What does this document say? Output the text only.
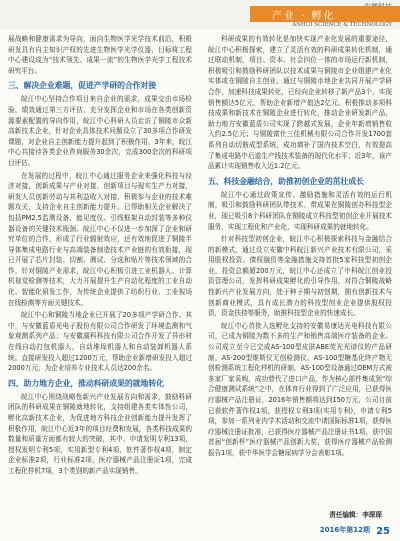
产业 · 孵化
ANHUI SCIENCE & TECHNOLOGY

展战略和健康需求为导向，面向生物医学光学技术前沿，积极研发具有自主知识产权的先进生物医学光学仪器，目标将工程中心建设成为“技术领先、成果一流”的生物医学光学工程技术研究平台。

三、解决企业难题，促进产学研的合作对接

皖江中心坚持合作项目来自企业的需求，成果交由市场检验，绩效通过第三方评估，充分发挥企业和市场在各类创新资源要素配置的导向作用，皖江中心科研人员走访了铜陵市众新高新技术企业，针对企业具体技术问题设立了30多项合作研发课题，对企业自主创新能力提升起到了积极作用，3年来，皖江中心共接待各类企业咨询服务30余次，完成300余次的科研项目评估。

在发展的过程中，皖江中心通过服务企业来强化科技与经济对接，创新成果与产业对接，创新项目与现实生产力对接，研发人员创新劳动与其利益收入对接，积极参与企业的技术难题攻关，支持企业自主创新能力提升。已帮助相关企业解决了包括PM2.5监测设备、能见度仪、引线框架自动封装等多种仪器设备的关键技术瓶颈。皖江中心不仅进一步加深了企业和研究单位的合作，形成了行业辐射效应，还有效地促进了铜陵半导体集成电路行业与高端装备制造技术产业链的有效衔接，现已开展了芯片封装、切割、测试、分选和贴片等技术领域的合作，针对铜陵产业需求，皖江中心积极引进工业机器人、计算机视觉检测等技术，大力开展提升生产自动化程度的工业自动化、智能化研发工作，为传统企业提供了纺织行业、工业视场在线检测等方面关键技术。

皖江中心和铜陵当地企业已开展了20多项产学研合作。其中，与安徽蓝盾光电子股份有限公司合作研发了环境监测和气象观测系列产品；与安徽湖科科技有限公司合作开发了异形材在线自动打包机器人，自动堆垛机器人和自动装卸机器人系统。直接研发投入超过1200万元，帮助企业新增研发投入超过2000万元，为企业培养专业技术人员达200余名。

四、助力地方企业，推动科研成果的就地转化

皖江中心围绕战略性新兴产业发展方向和需求，鼓励科研团队的科研成果在铜陵就地转化，支持组建各类实体性公司，孵化高新技术企业，为促进地方科技企业创新能力提升发挥了积极作用，皖江中心近3年的项目经费和发展，各类科技成果的数量和质量方面都有较大的突破，其中，申请发明专利13项，授权发明专利5项，实用新型专利4项，软件著作权4项，制定企业标准2项，行业标准2项，医疗器械产品注册证1项，完成工程化样机7项，3个类别的新产品实现销售。

科研成果的有效转化是加快实现产业化发展的重要途径，皖江中心积极探索，建立了灵活有效的科研成果转化机制，通过联动机制，项目、资本、社会四位一体的市场运行新机制，积极吸引和鼓励科研团队以技术成果与铜陵市企业组建产业化实体或在铜陵自主创业。通过与铜陵市地企业共同开展产学研合作，加速科技成果转化，已经向企业转移了新产品3个，实现销售额达5亿元，帮助企业新增产值达2亿元。积极推动多项科技成果和新技术在铜陵企业进行转化，推动企业研发新产品，助力地方安徽蓝盾公司实现了跨越式发展，企业年新增销售收入约2.5亿元；与铜陵富仕三佳机械有限公司合作开发1700套系列自动切筋成型系统，成功填补了国内技术空白，有效提高了集成电路中后道生产线技术装备的现代化水平；近3年，该产品累计实现销售收入近1.2亿元。

五、科技金融结合，助推初创企业的茁壮成长

皖江中心通过政策宣传、激励措施和灵活有效的运行机制，吸引和鼓励科研团队带技术、带成果在铜陵创办科技型企业，现已吸引8个科研团队在铜陵成立科技型初创企业开展技术服务，实现工程化和产业化，实现科研成果的就地转化。

针对科技型初创企业，皖江中心积极探索科技与金融结合的新模式，通过设立安徽中科皖江新兴产业技术有限公司，采用股权投资、债权融资等金融措施支持首批5家科技型初创企业，投资总额超200万元，皖江中心还成立了中科皖江创业投资管理公司，发挥科研成果孵化的引导作用，对符合铜陵战略性新兴产业发展方向，处于种子期与初创期，拥有创新技术与创新商业模式，具有成长潜力的科技型创业企业提供股权投资，资金扶持等服务，助推科技型企业的快速成长。

皖江中心首批入选孵化支持的安徽易康达光电科技有限公司，已成为铜陵为数不多的生产和销售高端医疗装备的企业。公司成立至今已完成AS-100型皮肤ABE荧光光谱仪的产品研制，AS-200型维斯仪无创检测仪、AS-100型糖基化终产物无创检测系统工程化样机的研制，AS-100型设备通过OEM方式被多家厂家采购，成功替代了进口产品，作为核心部件集成到“综合健康测试系统”之中，在体育行业得到了广泛应用，已获得医疗器械产品注册证，2016年销售额将达到150万元，公司目前已获软件著作权1项，获授权专利3项(实用专利)，申请专利5项，参加一系列业内学术活动和交流中请国际标准1项，获得医疗器械注册证批准，已获得医疗器械产品注册证书1项，获中国首届“创新杯”医疗器械产品创新大奖，获得医疗器械产品检测报告1项，获中华医学会糖尿病学分会表彰1项。

责任编辑：李琛琛
2016年第12期 25
